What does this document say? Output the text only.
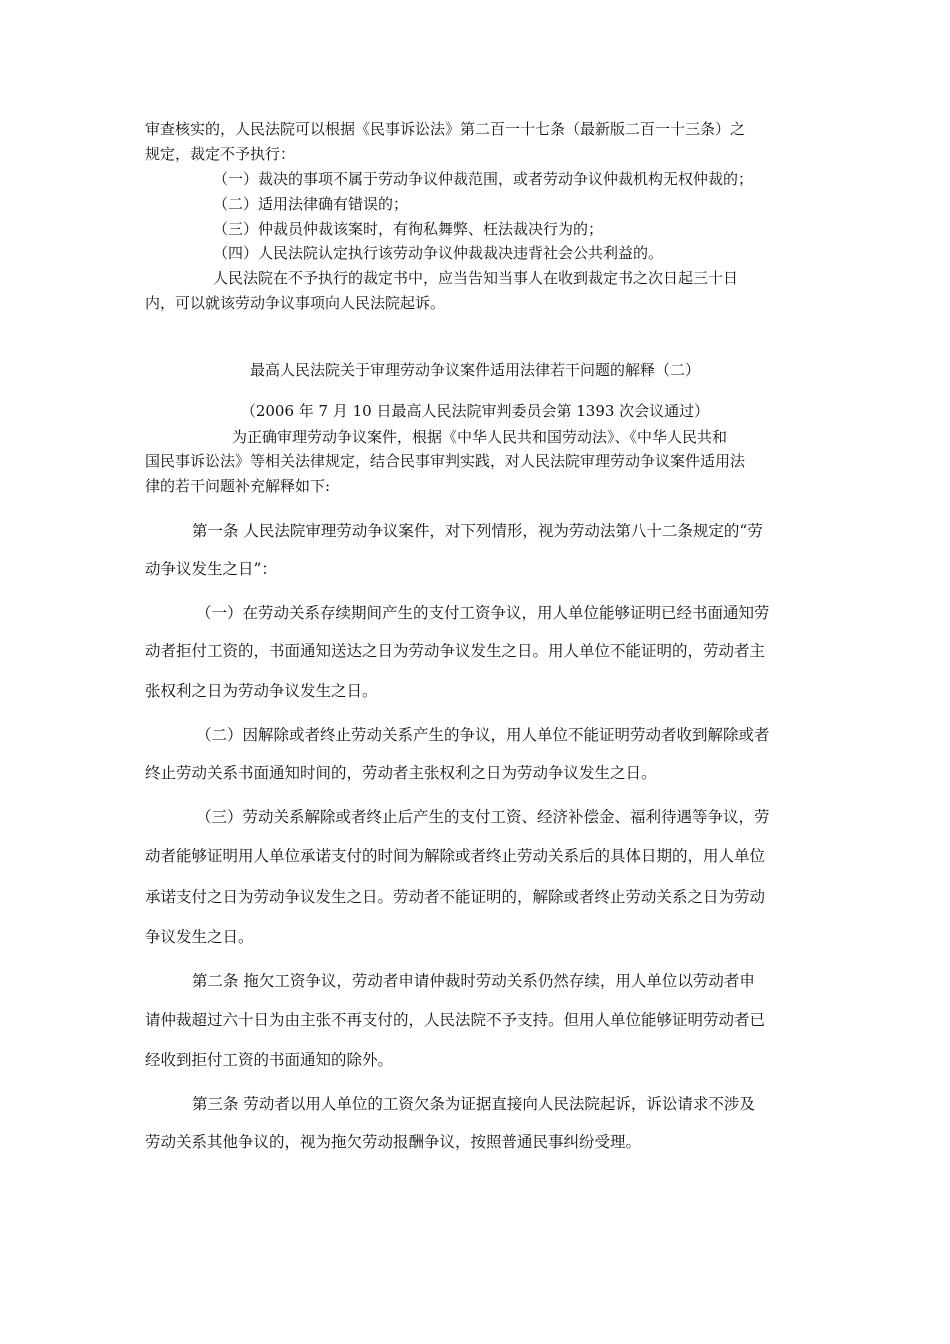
审查核实的，人民法院可以根据《民事诉讼法》第二百一十七条（最新版二百一十三条）之
规定，裁定不予执行：
（一）裁决的事项不属于劳动争议仲裁范围，或者劳动争议仲裁机构无权仲裁的；
（二）适用法律确有错误的；
（三）仲裁员仲裁该案时，有徇私舞弊、枉法裁决行为的；
（四）人民法院认定执行该劳动争议仲裁裁决违背社会公共利益的。
人民法院在不予执行的裁定书中，应当告知当事人在收到裁定书之次日起三十日
内，可以就该劳动争议事项向人民法院起诉。
最高人民法院关于审理劳动争议案件适用法律若干问题的解释（二）
（2006 年 7 月 10 日最高人民法院审判委员会第 1393 次会议通过）
为正确审理劳动争议案件，根据《中华人民共和国劳动法》、《中华人民共和
国民事诉讼法》等相关法律规定，结合民事审判实践，对人民法院审理劳动争议案件适用法
律的若干问题补充解释如下:
第一条 人民法院审理劳动争议案件，对下列情形，视为劳动法第八十二条规定的“劳
动争议发生之日”：
（一）在劳动关系存续期间产生的支付工资争议，用人单位能够证明已经书面通知劳
动者拒付工资的，书面通知送达之日为劳动争议发生之日。用人单位不能证明的，劳动者主
张权利之日为劳动争议发生之日。
（二）因解除或者终止劳动关系产生的争议，用人单位不能证明劳动者收到解除或者
终止劳动关系书面通知时间的，劳动者主张权利之日为劳动争议发生之日。
（三）劳动关系解除或者终止后产生的支付工资、经济补偿金、福利待遇等争议，劳
动者能够证明用人单位承诺支付的时间为解除或者终止劳动关系后的具体日期的，用人单位
承诺支付之日为劳动争议发生之日。劳动者不能证明的，解除或者终止劳动关系之日为劳动
争议发生之日。
第二条 拖欠工资争议，劳动者申请仲裁时劳动关系仍然存续，用人单位以劳动者申
请仲裁超过六十日为由主张不再支付的，人民法院不予支持。但用人单位能够证明劳动者已
经收到拒付工资的书面通知的除外。
第三条 劳动者以用人单位的工资欠条为证据直接向人民法院起诉，诉讼请求不涉及
劳动关系其他争议的，视为拖欠劳动报酬争议，按照普通民事纠纷受理。
